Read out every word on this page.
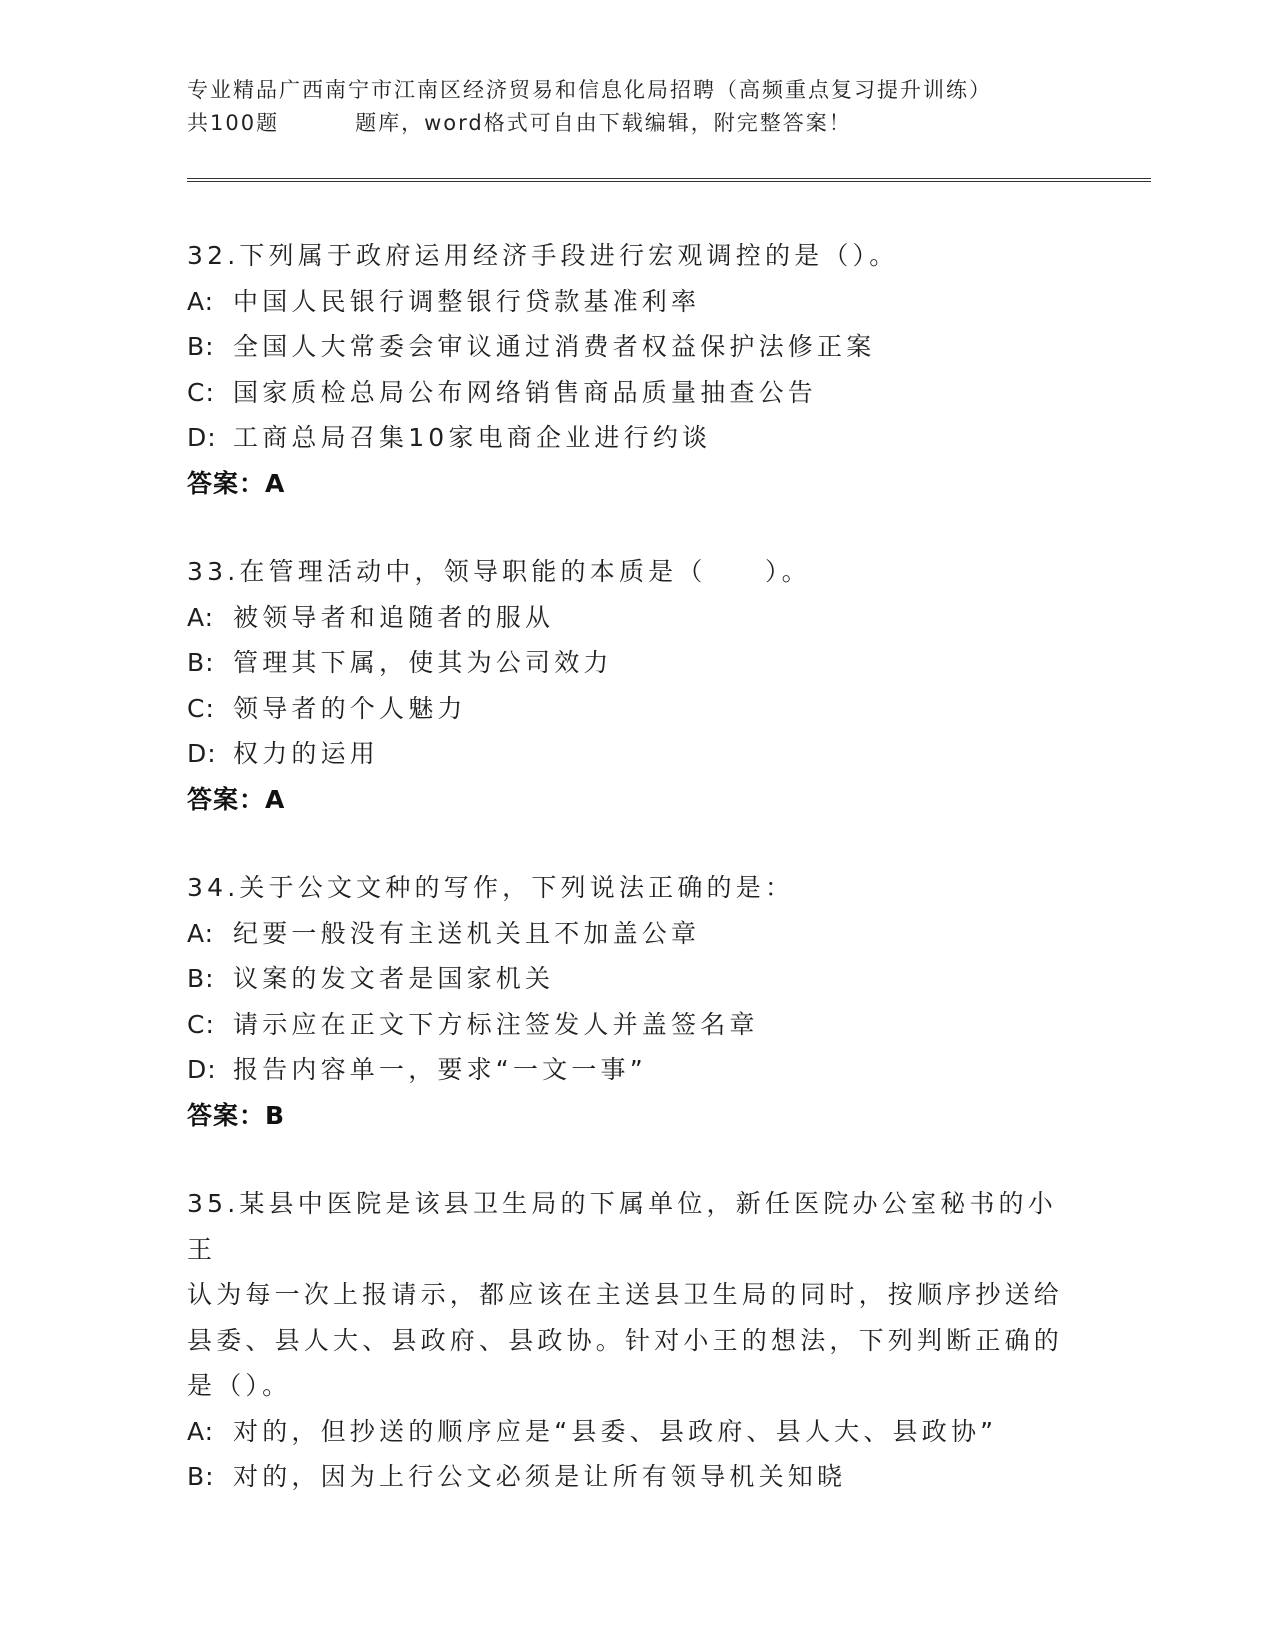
专业精品广西南宁市江南区经济贸易和信息化局招聘（高频重点复习提升训练）
共100题	题库，word格式可自由下载编辑，附完整答案！
32.下列属于政府运用经济手段进行宏观调控的是（）。
A: 中国人民银行调整银行贷款基准利率
B: 全国人大常委会审议通过消费者权益保护法修正案
C: 国家质检总局公布网络销售商品质量抽查公告
D: 工商总局召集10家电商企业进行约谈
答案：A
33.在管理活动中，领导职能的本质是（　　）。
A: 被领导者和追随者的服从
B: 管理其下属，使其为公司效力
C: 领导者的个人魅力
D: 权力的运用
答案：A
34.关于公文文种的写作，下列说法正确的是：
A: 纪要一般没有主送机关且不加盖公章
B: 议案的发文者是国家机关
C: 请示应在正文下方标注签发人并盖签名章
D: 报告内容单一，要求“一文一事”
答案：B
35.某县中医院是该县卫生局的下属单位，新任医院办公室秘书的小王
认为每一次上报请示，都应该在主送县卫生局的同时，按顺序抄送给
县委、县人大、县政府、县政协。针对小王的想法，下列判断正确的
是（）。
A: 对的，但抄送的顺序应是“县委、县政府、县人大、县政协”
B: 对的，因为上行公文必须是让所有领导机关知晓
